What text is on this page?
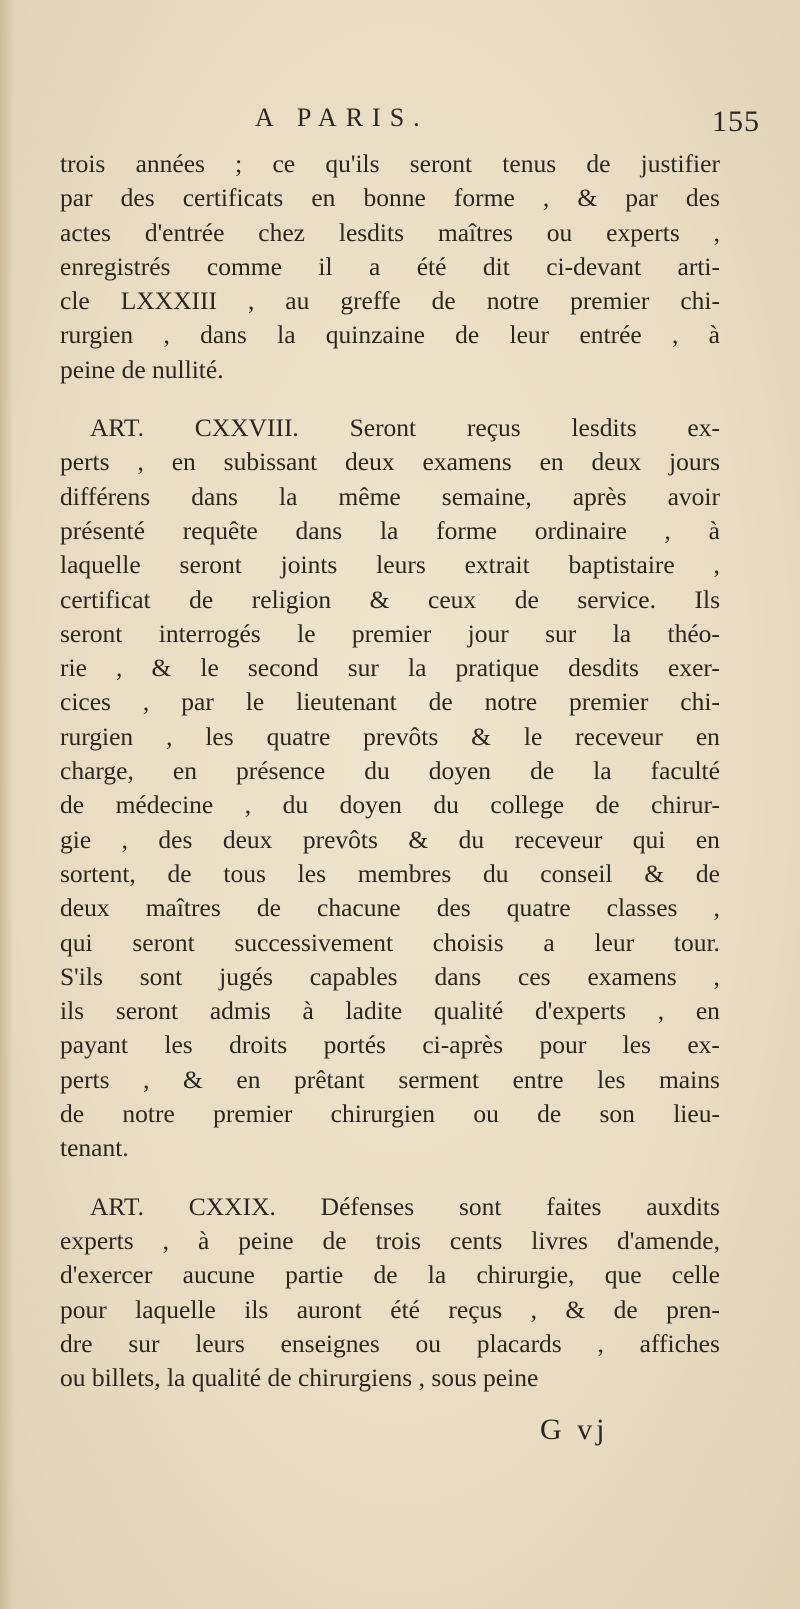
A PARIS.	155
trois années ; ce qu'ils seront tenus de justifier
par des certificats en bonne forme , & par des
actes d'entrée chez lesdits maîtres ou experts ,
enregistrés comme il a été dit ci-devant arti-
cle LXXXIII , au greffe de notre premier chi-
rurgien , dans la quinzaine de leur entrée , à
peine de nullité.
ART. CXXVIII. Seront reçus lesdits ex-
perts , en subissant deux examens en deux jours
différens dans la même semaine, après avoir
présenté requête dans la forme ordinaire , à
laquelle seront joints leurs extrait baptistaire ,
certificat de religion & ceux de service. Ils
seront interrogés le premier jour sur la théo-
rie , & le second sur la pratique desdits exer-
cices , par le lieutenant de notre premier chi-
rurgien , les quatre prevôts & le receveur en
charge, en présence du doyen de la faculté
de médecine , du doyen du college de chirur-
gie , des deux prevôts & du receveur qui en
sortent, de tous les membres du conseil & de
deux maîtres de chacune des quatre classes ,
qui seront successivement choisis a leur tour.
S'ils sont jugés capables dans ces examens ,
ils seront admis à ladite qualité d'experts , en
payant les droits portés ci-après pour les ex-
perts , & en prêtant serment entre les mains
de notre premier chirurgien ou de son lieu-
tenant.
ART. CXXIX. Défenses sont faites auxdits
experts , à peine de trois cents livres d'amende,
d'exercer aucune partie de la chirurgie, que celle
pour laquelle ils auront été reçus , & de pren-
dre sur leurs enseignes ou placards , affiches
ou billets, la qualité de chirurgiens , sous peine
G vj
